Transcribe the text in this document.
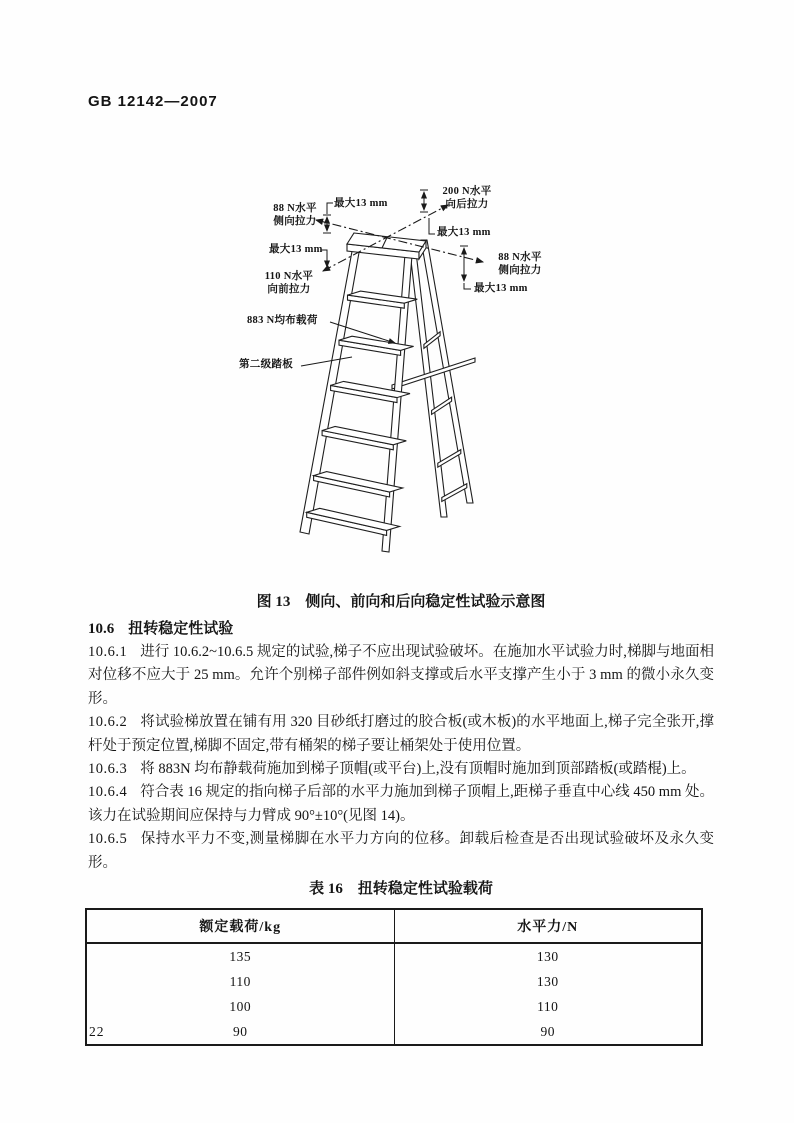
GB 12142—2007
88 N水平
侧向拉力
最大13 mm
200 N水平
向后拉力
最大13 mm
最大13 mm
110 N水平
向前拉力
88 N水平
侧向拉力
最大13 mm
883 N均布载荷
第二级踏板
图 13　侧向、前向和后向稳定性试验示意图
10.6 扭转稳定性试验

10.6.1 进行 10.6.2~10.6.5 规定的试验,梯子不应出现试验破坏。在施加水平试验力时,梯脚与地面相对位移不应大于 25 mm。允许个别梯子部件例如斜支撑或后水平支撑产生小于 3 mm 的微小永久变形。

10.6.2 将试验梯放置在铺有用 320 目砂纸打磨过的胶合板(或木板)的水平地面上,梯子完全张开,撑杆处于预定位置,梯脚不固定,带有桶架的梯子要让桶架处于使用位置。

10.6.3 将 883N 均布静载荷施加到梯子顶帽(或平台)上,没有顶帽时施加到顶部踏板(或踏棍)上。

10.6.4 符合表 16 规定的指向梯子后部的水平力施加到梯子顶帽上,距梯子垂直中心线 450 mm 处。该力在试验期间应保持与力臂成 90°±10°(见图 14)。

10.6.5 保持水平力不变,测量梯脚在水平力方向的位移。卸载后检查是否出现试验破坏及永久变形。

表 16　扭转稳定性试验载荷
额定载荷/kg	水平力/N
135	130
110	130
100	110
90	90
22
